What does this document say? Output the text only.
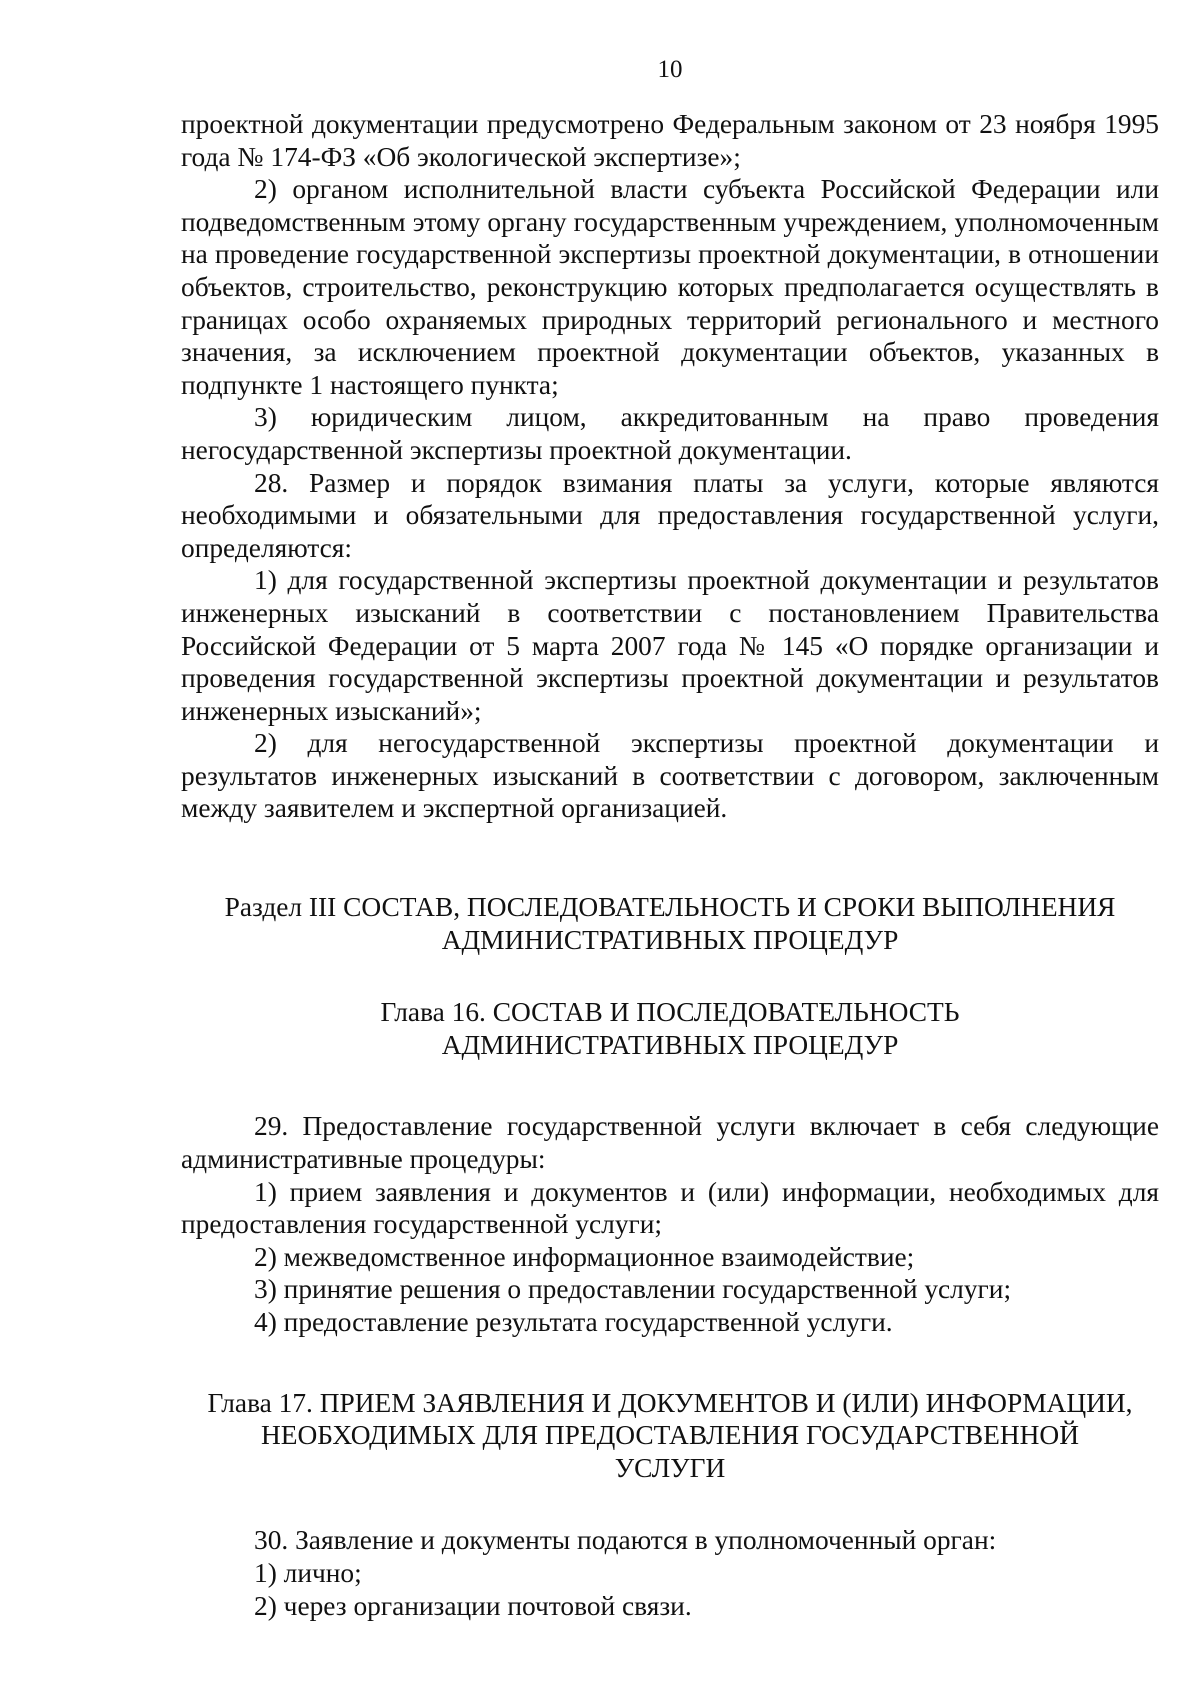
10

проектной документации предусмотрено Федеральным законом от 23 ноября 1995 года № 174-ФЗ «Об экологической экспертизе»;

2) органом исполнительной власти субъекта Российской Федерации или подведомственным этому органу государственным учреждением, уполномоченным на проведение государственной экспертизы проектной документации, в отношении объектов, строительство, реконструкцию которых предполагается осуществлять в границах особо охраняемых природных территорий регионального и местного значения, за исключением проектной документации объектов, указанных в подпункте 1 настоящего пункта;

3) юридическим лицом, аккредитованным на право проведения негосударственной экспертизы проектной документации.

28. Размер и порядок взимания платы за услуги, которые являются необходимыми и обязательными для предоставления государственной услуги, определяются:

1) для государственной экспертизы проектной документации и результатов инженерных изысканий в соответствии с постановлением Правительства Российской Федерации от 5 марта 2007 года № 145 «О порядке организации и проведения государственной экспертизы проектной документации и результатов инженерных изысканий»;

2) для негосударственной экспертизы проектной документации и результатов инженерных изысканий в соответствии с договором, заключенным между заявителем и экспертной организацией.

Раздел III СОСТАВ, ПОСЛЕДОВАТЕЛЬНОСТЬ И СРОКИ ВЫПОЛНЕНИЯ
АДМИНИСТРАТИВНЫХ ПРОЦЕДУР
Глава 16. СОСТАВ И ПОСЛЕДОВАТЕЛЬНОСТЬ
АДМИНИСТРАТИВНЫХ ПРОЦЕДУР

29. Предоставление государственной услуги включает в себя следующие административные процедуры:

1) прием заявления и документов и (или) информации, необходимых для предоставления государственной услуги;

2) межведомственное информационное взаимодействие;

3) принятие решения о предоставлении государственной услуги;

4) предоставление результата государственной услуги.

Глава 17. ПРИЕМ ЗАЯВЛЕНИЯ И ДОКУМЕНТОВ И (ИЛИ) ИНФОРМАЦИИ,
НЕОБХОДИМЫХ ДЛЯ ПРЕДОСТАВЛЕНИЯ ГОСУДАРСТВЕННОЙ
УСЛУГИ

30. Заявление и документы подаются в уполномоченный орган:

1) лично;

2) через организации почтовой связи.
